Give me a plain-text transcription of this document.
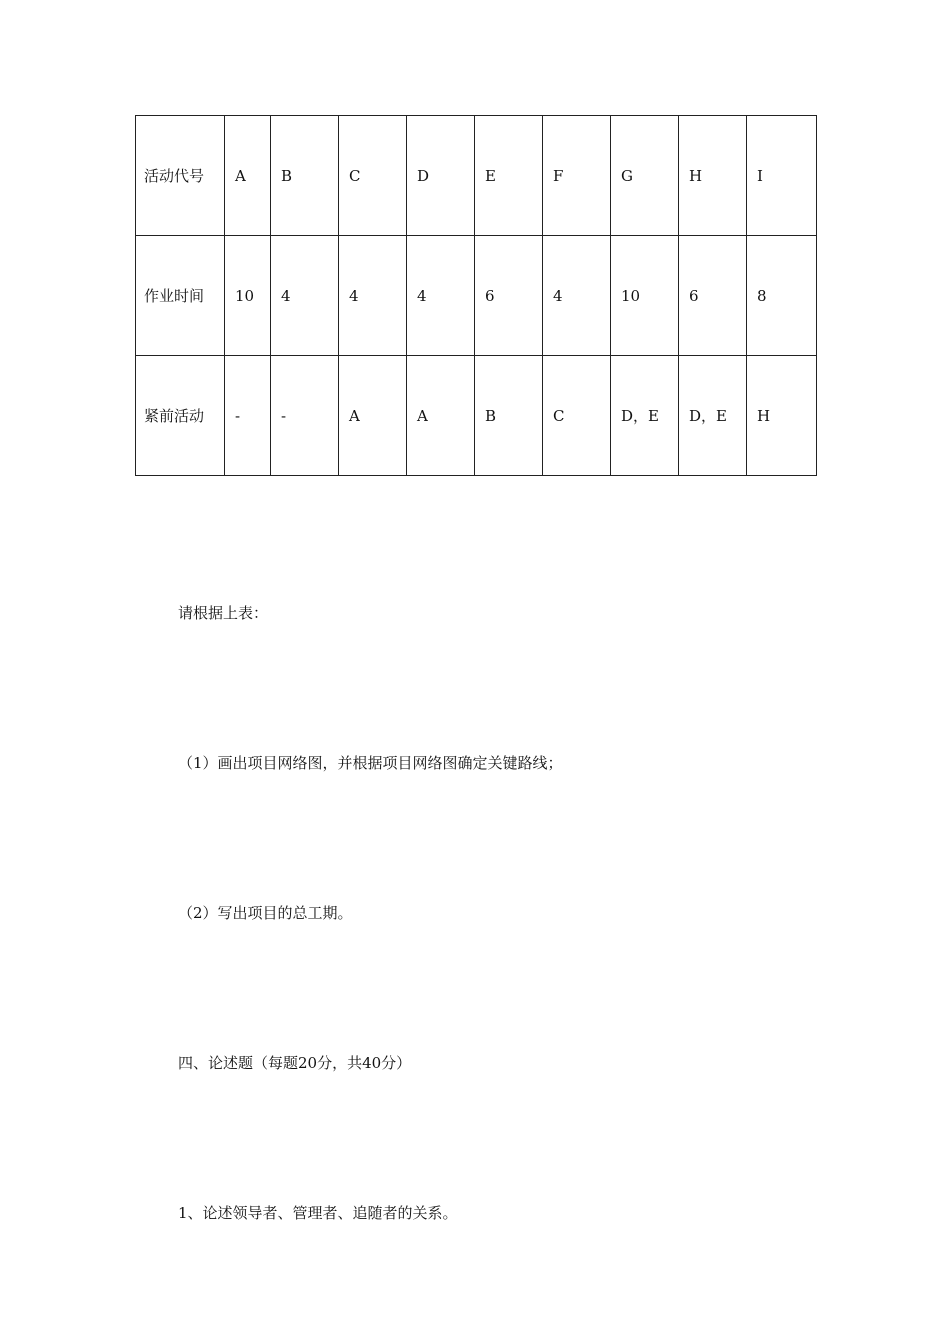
活动代号	A	B	C	D	E	F	G	H	I
作业时间	10	4	4	4	6	4	10	6	8
紧前活动	-	-	A	A	B	C	D，E	D，E	H
请根据上表：
（1）画出项目网络图，并根据项目网络图确定关键路线；
（2）写出项目的总工期。
四、论述题（每题20分，共40分）
1、论述领导者、管理者、追随者的关系。
